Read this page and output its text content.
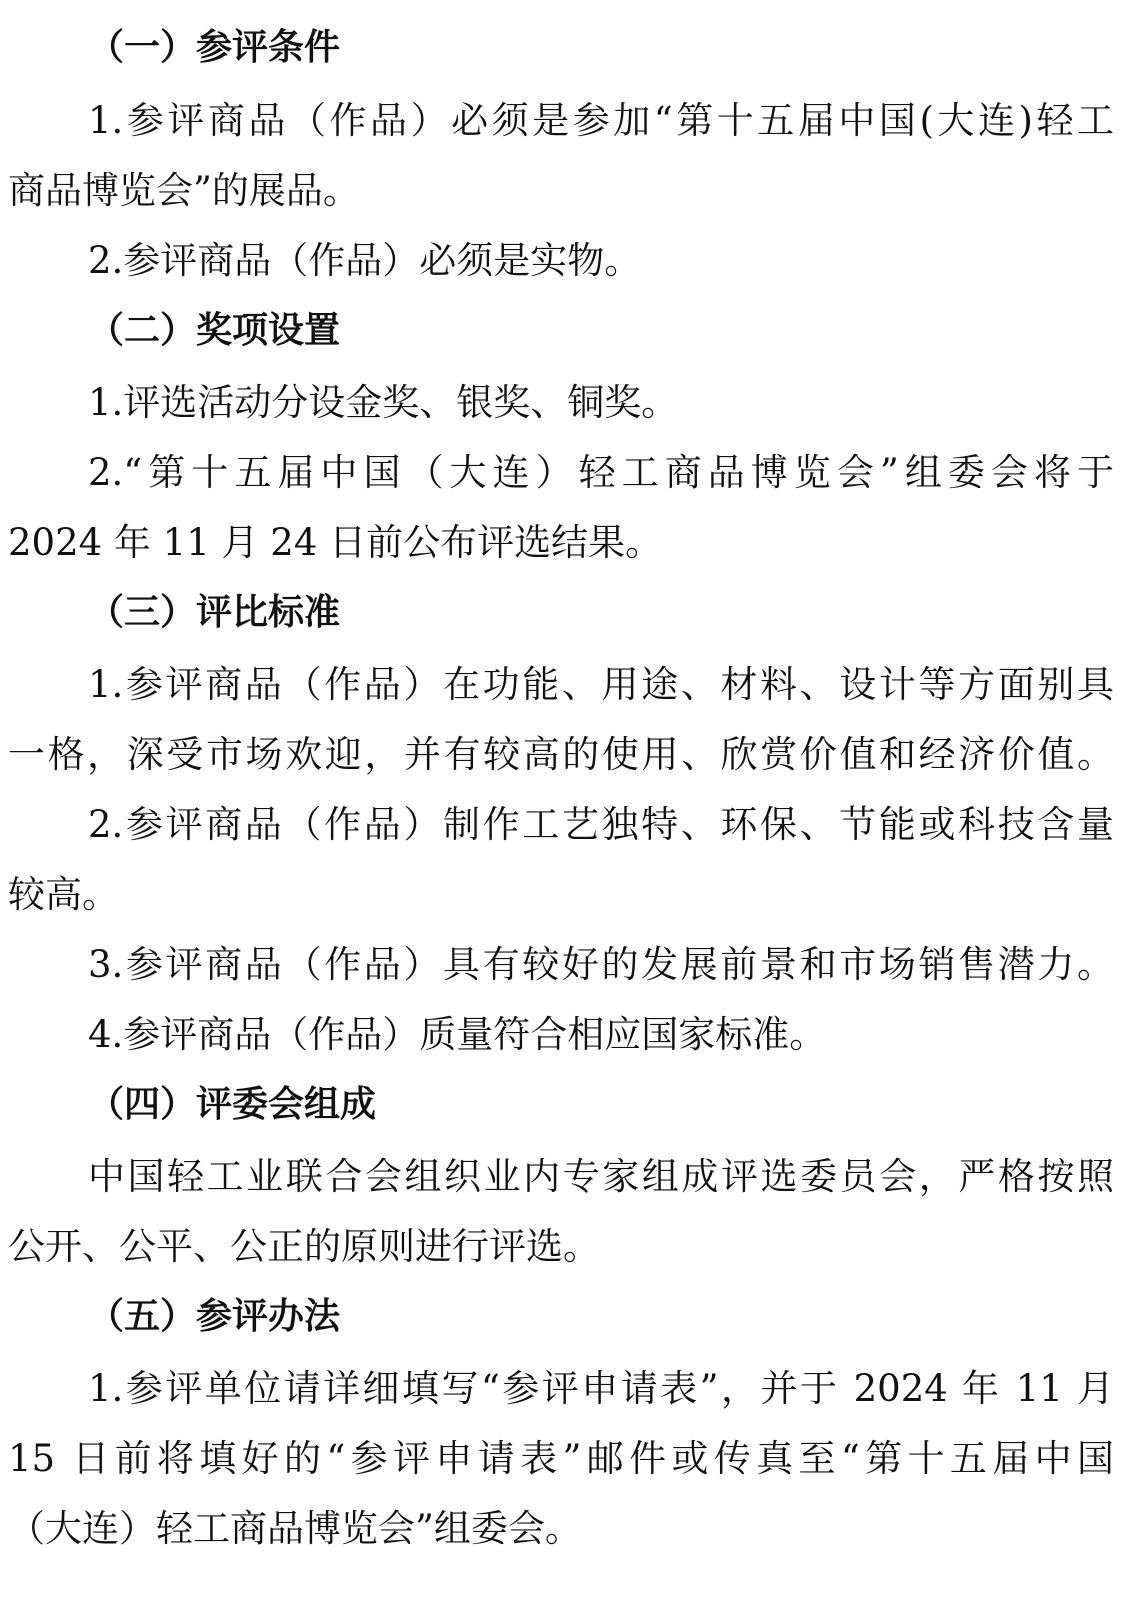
（一）参评条件
1.参评商品（作品）必须是参加“第十五届中国(大连)轻工
商品博览会”的展品。
2.参评商品（作品）必须是实物。
（二）奖项设置
1.评选活动分设金奖、银奖、铜奖。
2.“第十五届中国（大连）轻工商品博览会”组委会将于
2024 年 11 月 24 日前公布评选结果。
（三）评比标准
1.参评商品（作品）在功能、用途、材料、设计等方面别具
一格，深受市场欢迎，并有较高的使用、欣赏价值和经济价值。
2.参评商品（作品）制作工艺独特、环保、节能或科技含量
较高。
3.参评商品（作品）具有较好的发展前景和市场销售潜力。
4.参评商品（作品）质量符合相应国家标准。
（四）评委会组成
中国轻工业联合会组织业内专家组成评选委员会，严格按照
公开、公平、公正的原则进行评选。
（五）参评办法
1.参评单位请详细填写“参评申请表”，并于 2024 年 11 月
15 日前将填好的“参评申请表”邮件或传真至“第十五届中国
（大连）轻工商品博览会”组委会。
